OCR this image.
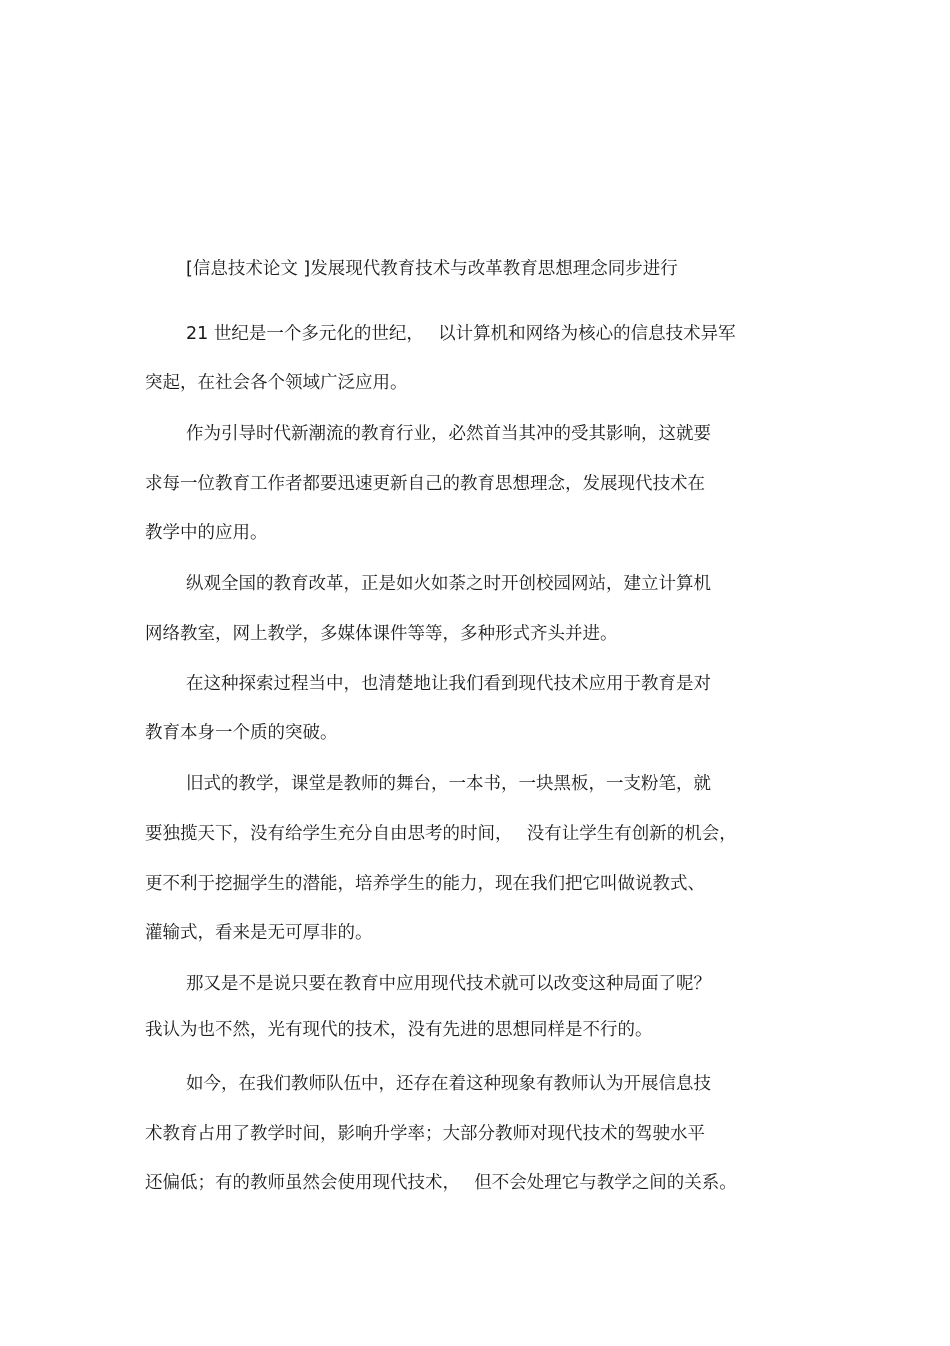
[信息技术论文 ]发展现代教育技术与改革教育思想理念同步进行
21 世纪是一个多元化的世纪，　 以计算机和网络为核心的信息技术异军
突起，在社会各个领域广泛应用。
作为引导时代新潮流的教育行业，必然首当其冲的受其影响，这就要
求每一位教育工作者都要迅速更新自己的教育思想理念，发展现代技术在
教学中的应用。
纵观全国的教育改革，正是如火如荼之时开创校园网站，建立计算机
网络教室，网上教学，多媒体课件等等，多种形式齐头并进。
在这种探索过程当中，也清楚地让我们看到现代技术应用于教育是对
教育本身一个质的突破。
旧式的教学，课堂是教师的舞台，一本书，一块黑板，一支粉笔，就
要独揽天下，没有给学生充分自由思考的时间，　 没有让学生有创新的机会，
更不利于挖掘学生的潜能，培养学生的能力，现在我们把它叫做说教式、
灌输式，看来是无可厚非的。
那又是不是说只要在教育中应用现代技术就可以改变这种局面了呢？
我认为也不然，光有现代的技术，没有先进的思想同样是不行的。
如今，在我们教师队伍中，还存在着这种现象有教师认为开展信息技
术教育占用了教学时间，影响升学率；大部分教师对现代技术的驾驶水平
还偏低；有的教师虽然会使用现代技术，　 但不会处理它与教学之间的关系。
